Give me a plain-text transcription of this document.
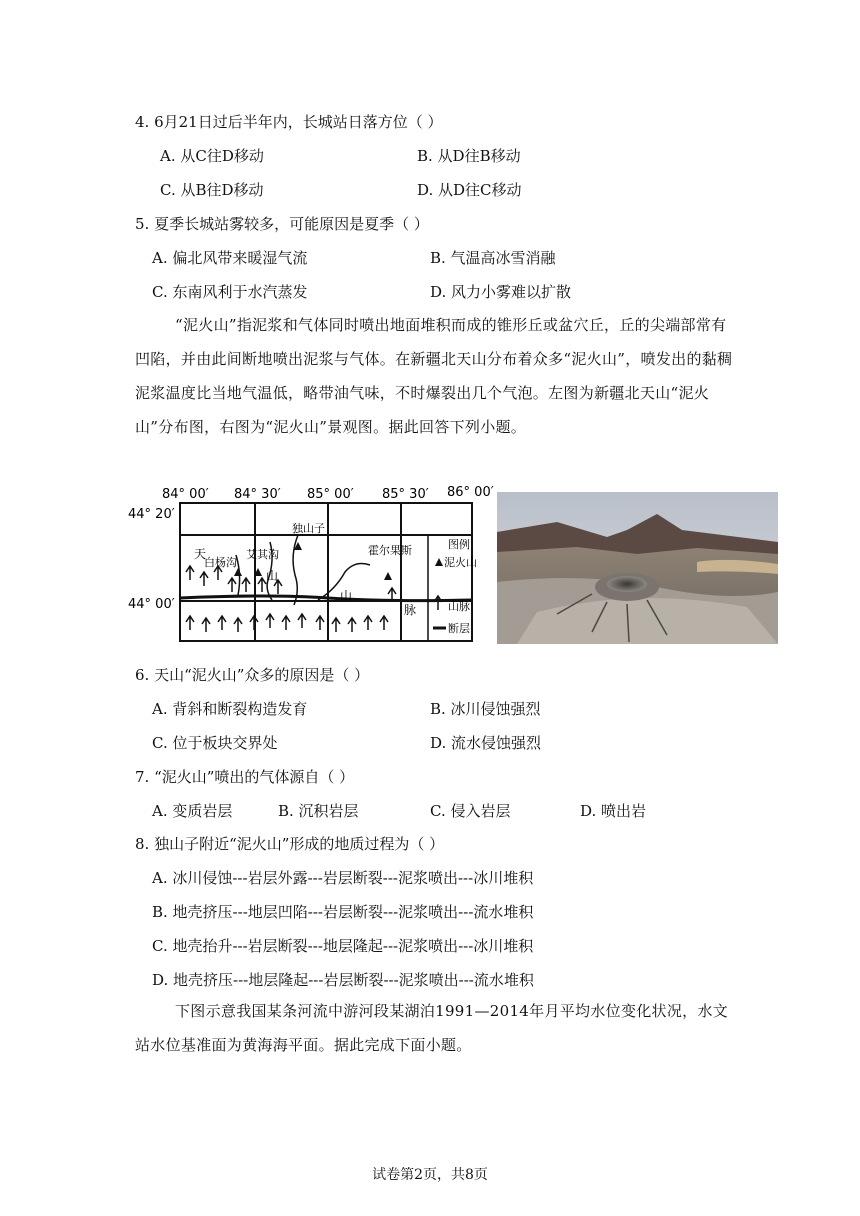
4. 6月21日过后半年内，长城站日落方位（ ）
A. 从C往D移动	B. 从D往B移动
C. 从B往D移动	D. 从D往C移动
5. 夏季长城站雾较多，可能原因是夏季（ ）
A. 偏北风带来暖湿气流	B. 气温高冰雪消融
C. 东南风利于水汽蒸发	D. 风力小雾难以扩散
“泥火山”指泥浆和气体同时喷出地面堆积而成的锥形丘或盆穴丘，丘的尖端部常有凹陷，并由此间断地喷出泥浆与气体。在新疆北天山分布着众多“泥火山”，喷发出的黏稠泥浆温度比当地气温低，略带油气味，不时爆裂出几个气泡。左图为新疆北天山“泥火山”分布图，右图为“泥火山”景观图。据此回答下列小题。
84° 00′ 84° 30′ 85° 00′ 85° 30′ 86° 00′
44° 20′
44° 00′
独山子
白杨沟
艾其沟	霍尔果斯
天
山
山
脉
图例
泥火山
山脉
断层
6. 天山“泥火山”众多的原因是（ ）
A. 背斜和断裂构造发育	B. 冰川侵蚀强烈
C. 位于板块交界处	D. 流水侵蚀强烈
7. “泥火山”喷出的气体源自（ ）
A. 变质岩层	B. 沉积岩层	C. 侵入岩层	D. 喷出岩
8. 独山子附近“泥火山”形成的地质过程为（ ）
A. 冰川侵蚀---岩层外露---岩层断裂---泥浆喷出---冰川堆积
B. 地壳挤压---地层凹陷---岩层断裂---泥浆喷出---流水堆积
C. 地壳抬升---岩层断裂---地层隆起---泥浆喷出---冰川堆积
D. 地壳挤压---地层隆起---岩层断裂---泥浆喷出---流水堆积
下图示意我国某条河流中游河段某湖泊1991—2014年月平均水位变化状况，水文站水位基准面为黄海海平面。据此完成下面小题。
试卷第2页，共8页
